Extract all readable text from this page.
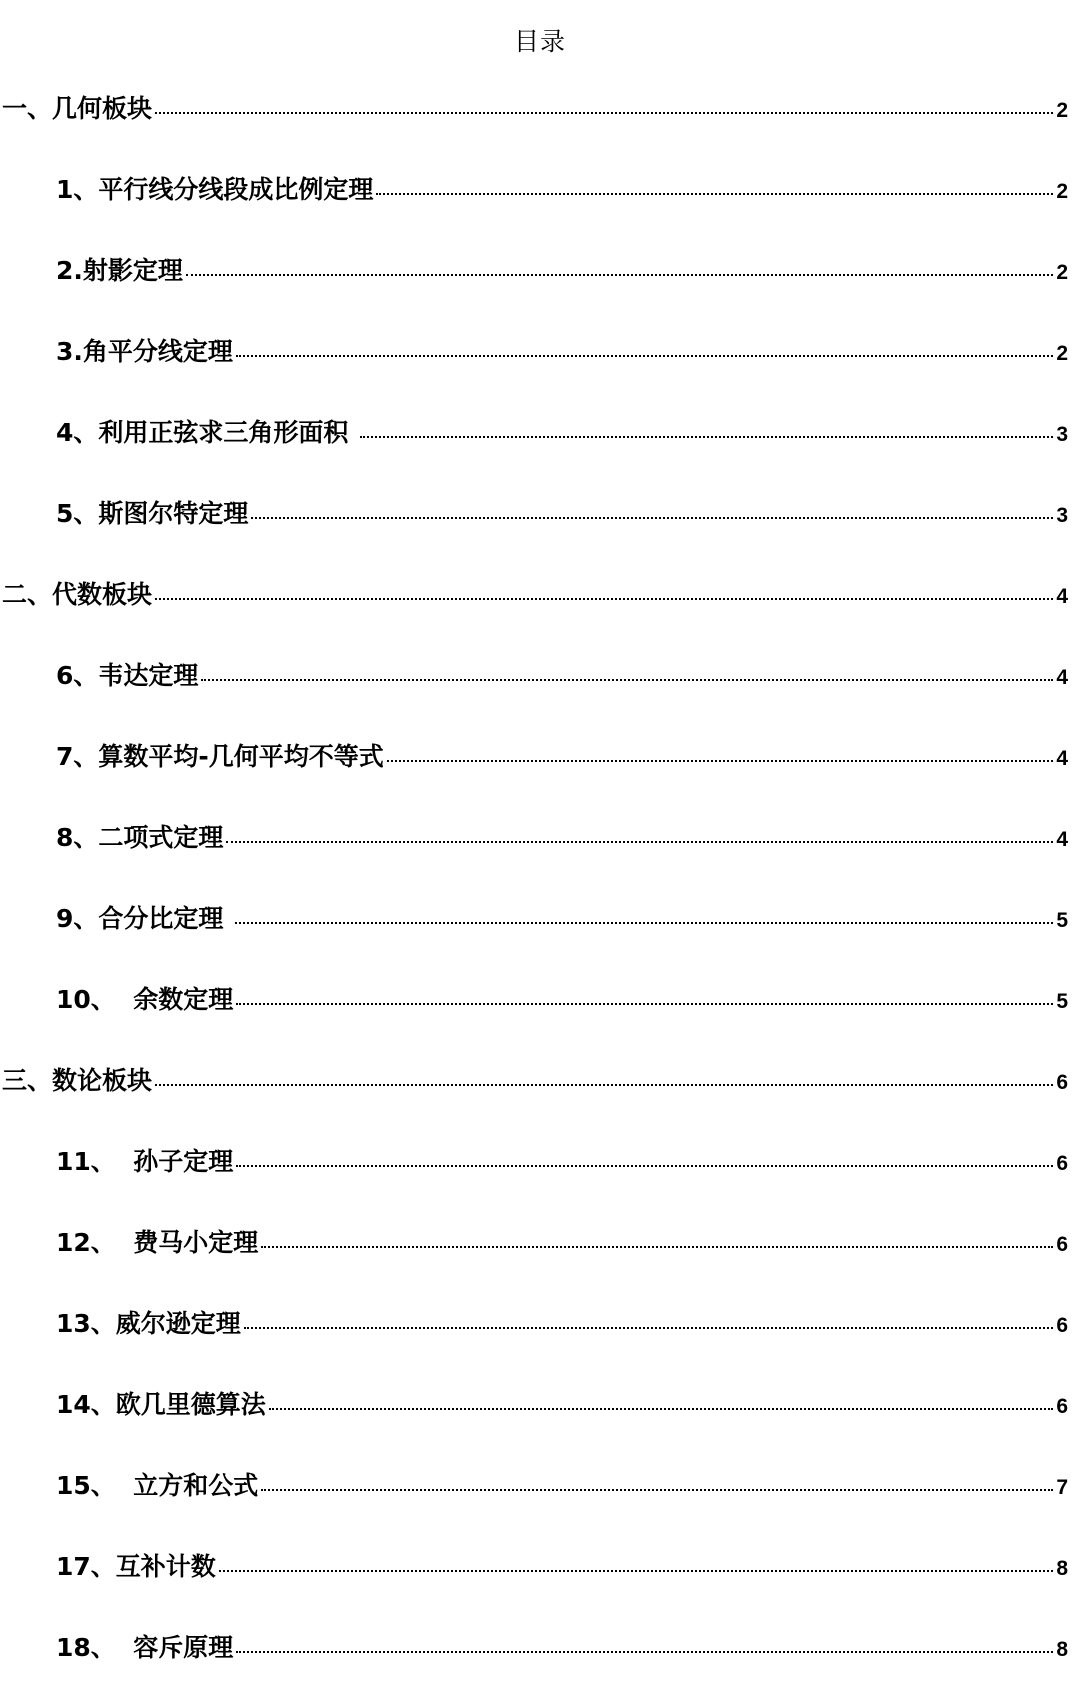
目录
一、几何板块	2
1、平行线分线段成比例定理	2
2.射影定理	2
3.角平分线定理	2
4、利用正弦求三角形面积	3
5、斯图尔特定理	3
二、代数板块	4
6、韦达定理	4
7、算数平均-几何平均不等式	4
8、二项式定理	4
9、合分比定理	5
10、  余数定理	5
三、数论板块	6
11、  孙子定理	6
12、  费马小定理	6
13、威尔逊定理	6
14、欧几里德算法	6
15、  立方和公式	7
17、互补计数	8
18、  容斥原理	8
